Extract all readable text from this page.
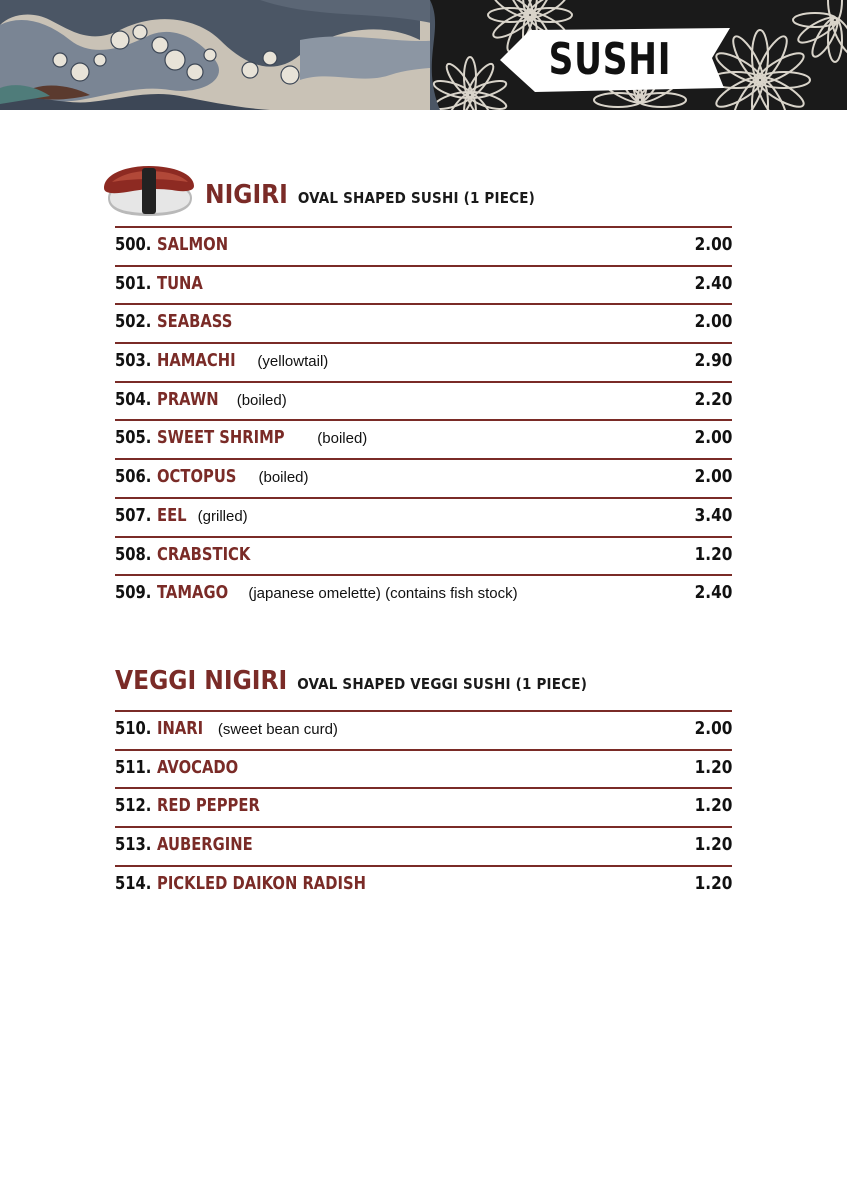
SUSHI
NIGIRI OVAL SHAPED SUSHI (1 PIECE)
500. SALMON	2.00
501. TUNA	2.40
502. SEABASS	2.00
503. HAMACHI (yellowtail)	2.90
504. PRAWN (boiled)	2.20
505. SWEET SHRIMP (boiled)	2.00
506. OCTOPUS (boiled)	2.00
507. EEL (grilled)	3.40
508. CRABSTICK	1.20
509. TAMAGO (japanese omelette) (contains fish stock)	2.40
VEGGI NIGIRI OVAL SHAPED VEGGI SUSHI (1 PIECE)
510. INARI (sweet bean curd)	2.00
511. AVOCADO	1.20
512. RED PEPPER	1.20
513. AUBERGINE	1.20
514. PICKLED DAIKON RADISH	1.20
